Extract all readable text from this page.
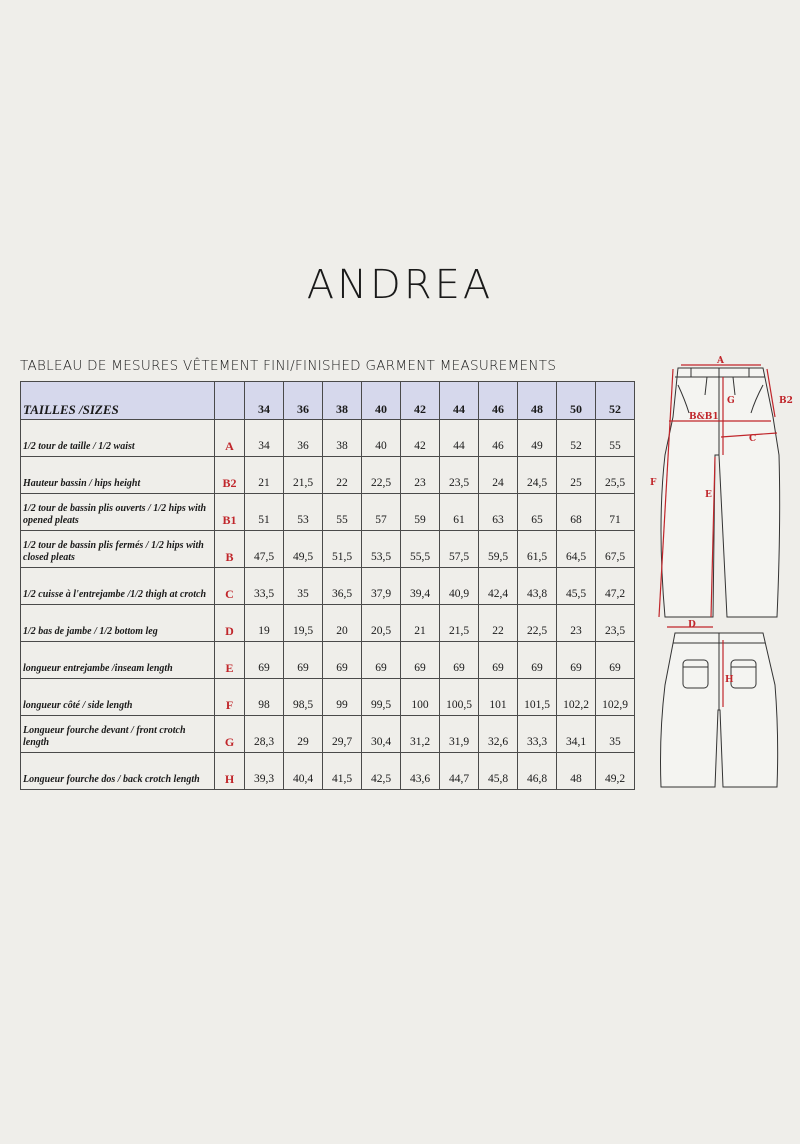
ANDREA
TABLEAU DE MESURES VÊTEMENT FINI/FINISHED GARMENT MEASUREMENTS
TAILLES /SIZES		34	36	38	40	42	44	46	48	50	52
1/2 tour de taille / 1/2 waist	A	34	36	38	40	42	44	46	49	52	55
Hauteur bassin / hips height	B2	21	21,5	22	22,5	23	23,5	24	24,5	25	25,5
1/2 tour de bassin plis ouverts / 1/2 hips with opened pleats	B1	51	53	55	57	59	61	63	65	68	71
1/2 tour de bassin plis fermés / 1/2 hips with closed pleats	B	47,5	49,5	51,5	53,5	55,5	57,5	59,5	61,5	64,5	67,5
1/2 cuisse à l'entrejambe /1/2 thigh at crotch	C	33,5	35	36,5	37,9	39,4	40,9	42,4	43,8	45,5	47,2
1/2 bas de jambe / 1/2 bottom leg	D	19	19,5	20	20,5	21	21,5	22	22,5	23	23,5
longueur entrejambe /inseam length	E	69	69	69	69	69	69	69	69	69	69
longueur côté / side length	F	98	98,5	99	99,5	100	100,5	101	101,5	102,2	102,9
Longueur fourche devant / front crotch length	G	28,3	29	29,7	30,4	31,2	31,9	32,6	33,3	34,1	35
Longueur fourche dos / back crotch length	H	39,3	40,4	41,5	42,5	43,6	44,7	45,8	46,8	48	49,2
A
B2
G
B&B1
C
F
E
D
H
